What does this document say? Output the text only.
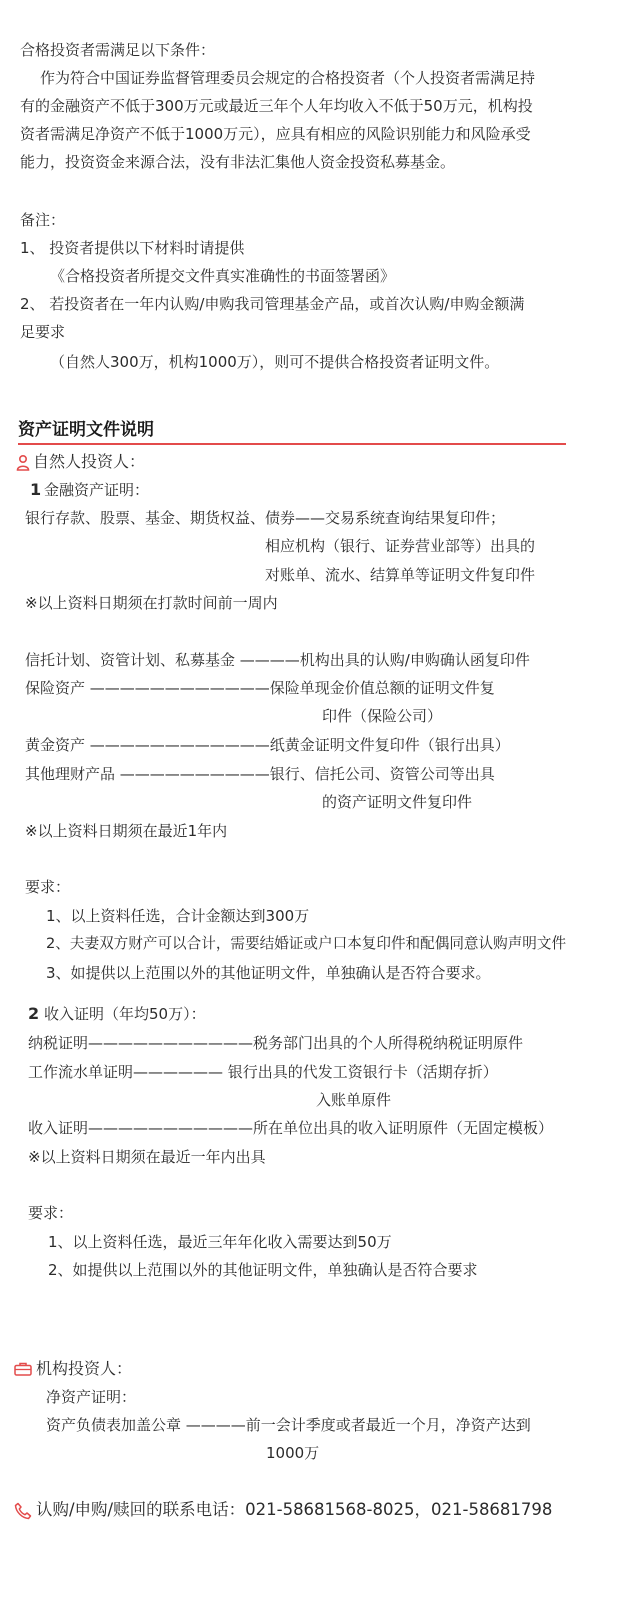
合格投资者需满足以下条件：
作为符合中国证券监督管理委员会规定的合格投资者（个人投资者需满足持
有的金融资产不低于300万元或最近三年个人年均收入不低于50万元，机构投
资者需满足净资产不低于1000万元），应具有相应的风险识别能力和风险承受
能力，投资资金来源合法，没有非法汇集他人资金投资私募基金。
备注：
1、 投资者提供以下材料时请提供
《合格投资者所提交文件真实准确性的书面签署函》
2、 若投资者在一年内认购/申购我司管理基金产品，或首次认购/申购金额满
足要求
（自然人300万，机构1000万），则可不提供合格投资者证明文件。
资产证明文件说明
自然人投资人：
1 金融资产证明：
银行存款、股票、基金、期货权益、债券——交易系统查询结果复印件；
相应机构（银行、证券营业部等）出具的
对账单、流水、结算单等证明文件复印件
※以上资料日期须在打款时间前一周内
信托计划、资管计划、私募基金 ————机构出具的认购/申购确认函复印件
保险资产 ————————————保险单现金价值总额的证明文件复
印件（保险公司）
黄金资产 ————————————纸黄金证明文件复印件（银行出具）
其他理财产品 ——————————银行、信托公司、资管公司等出具
的资产证明文件复印件
※以上资料日期须在最近1年内
要求：
1、以上资料任选，合计金额达到300万
2、夫妻双方财产可以合计，需要结婚证或户口本复印件和配偶同意认购声明文件
3、如提供以上范围以外的其他证明文件，单独确认是否符合要求。
2 收入证明（年均50万）：
纳税证明———————————税务部门出具的个人所得税纳税证明原件
工作流水单证明—————— 银行出具的代发工资银行卡（活期存折）
入账单原件
收入证明———————————所在单位出具的收入证明原件（无固定模板）
※以上资料日期须在最近一年内出具
要求：
1、以上资料任选，最近三年年化收入需要达到50万
2、如提供以上范围以外的其他证明文件，单独确认是否符合要求
机构投资人：
净资产证明：
资产负债表加盖公章 ————前一会计季度或者最近一个月，净资产达到
1000万
认购/申购/赎回的联系电话：021-58681568-8025，021-58681798
